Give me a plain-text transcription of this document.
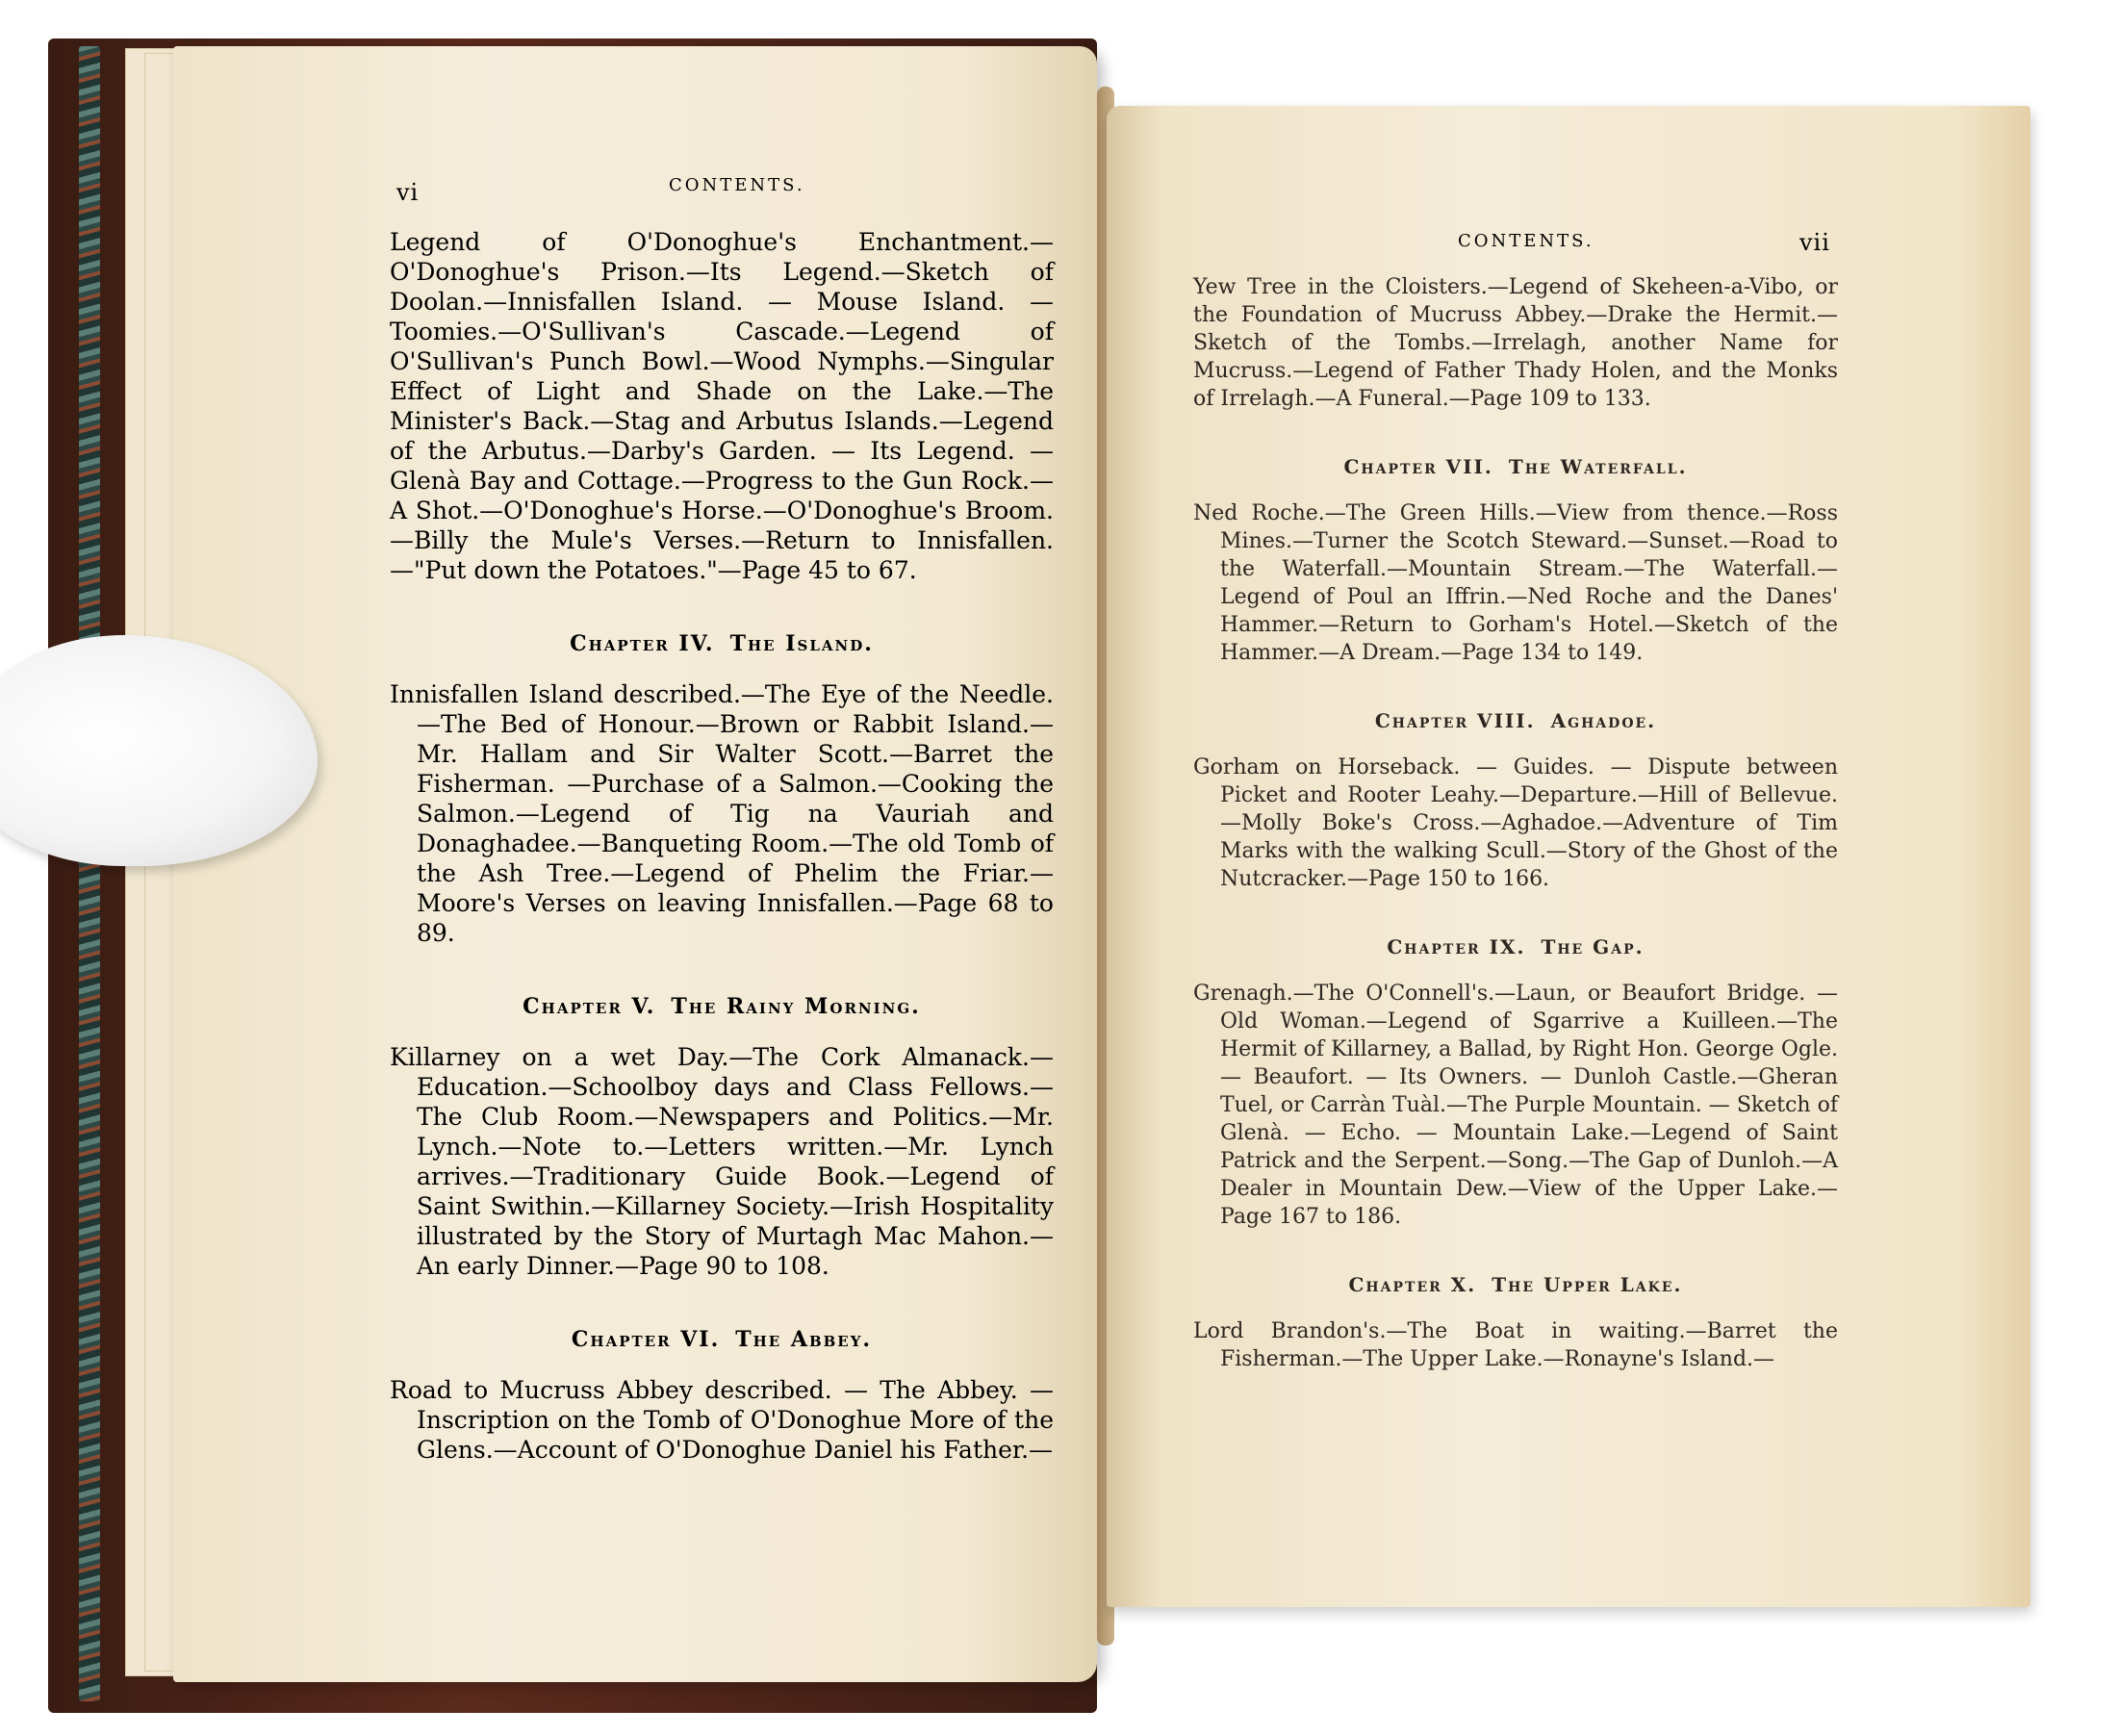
vi	CONTENTS.
CONTENTS.	vii

Legend of O'Donoghue's Enchantment.—O'Donoghue's Prison.—Its Legend.—Sketch of Doolan.—Innisfallen Island. — Mouse Island. — Toomies.—O'Sullivan's Cascade.—Legend of O'Sullivan's Punch Bowl.—Wood Nymphs.—Singular Effect of Light and Shade on the Lake.—The Minister's Back.—Stag and Arbutus Islands.—Legend of the Arbutus.—Darby's Garden. — Its Legend. — Glenà Bay and Cottage.—Progress to the Gun Rock.—A Shot.—O'Donoghue's Horse.—O'Donoghue's Broom.—Billy the Mule's Verses.—Return to Innisfallen.—"Put down the Potatoes."—Page 45 to 67.

Chapter IV. The Island.

Innisfallen Island described.—The Eye of the Needle.—The Bed of Honour.—Brown or Rabbit Island.—Mr. Hallam and Sir Walter Scott.—Barret the Fisherman. —Purchase of a Salmon.—Cooking the Salmon.—Legend of Tig na Vauriah and Donaghadee.—Banqueting Room.—The old Tomb of the Ash Tree.—Legend of Phelim the Friar.—Moore's Verses on leaving Innisfallen.—Page 68 to 89.

Chapter V. The Rainy Morning.

Killarney on a wet Day.—The Cork Almanack.—Education.—Schoolboy days and Class Fellows.—The Club Room.—Newspapers and Politics.—Mr. Lynch.—Note to.—Letters written.—Mr. Lynch arrives.—Traditionary Guide Book.—Legend of Saint Swithin.—Killarney Society.—Irish Hospitality illustrated by the Story of Murtagh Mac Mahon.—An early Dinner.—Page 90 to 108.

Chapter VI. The Abbey.

Road to Mucruss Abbey described. — The Abbey. — Inscription on the Tomb of O'Donoghue More of the Glens.—Account of O'Donoghue Daniel his Father.—

Yew Tree in the Cloisters.—Legend of Skeheen-a-Vibo, or the Foundation of Mucruss Abbey.—Drake the Hermit.—Sketch of the Tombs.—Irrelagh, another Name for Mucruss.—Legend of Father Thady Holen, and the Monks of Irrelagh.—A Funeral.—Page 109 to 133.

Chapter VII. The Waterfall.

Ned Roche.—The Green Hills.—View from thence.—Ross Mines.—Turner the Scotch Steward.—Sunset.—Road to the Waterfall.—Mountain Stream.—The Waterfall.—Legend of Poul an Iffrin.—Ned Roche and the Danes' Hammer.—Return to Gorham's Hotel.—Sketch of the Hammer.—A Dream.—Page 134 to 149.

Chapter VIII. Aghadoe.

Gorham on Horseback. — Guides. — Dispute between Picket and Rooter Leahy.—Departure.—Hill of Bellevue.—Molly Boke's Cross.—Aghadoe.—Adventure of Tim Marks with the walking Scull.—Story of the Ghost of the Nutcracker.—Page 150 to 166.

Chapter IX. The Gap.

Grenagh.—The O'Connell's.—Laun, or Beaufort Bridge. —Old Woman.—Legend of Sgarrive a Kuilleen.—The Hermit of Killarney, a Ballad, by Right Hon. George Ogle. — Beaufort. — Its Owners. — Dunloh Castle.—Gheran Tuel, or Carràn Tuàl.—The Purple Mountain. — Sketch of Glenà. — Echo. — Mountain Lake.—Legend of Saint Patrick and the Serpent.—Song.—The Gap of Dunloh.—A Dealer in Mountain Dew.—View of the Upper Lake.—Page 167 to 186.

Chapter X. The Upper Lake.

Lord Brandon's.—The Boat in waiting.—Barret the Fisherman.—The Upper Lake.—Ronayne's Island.—
